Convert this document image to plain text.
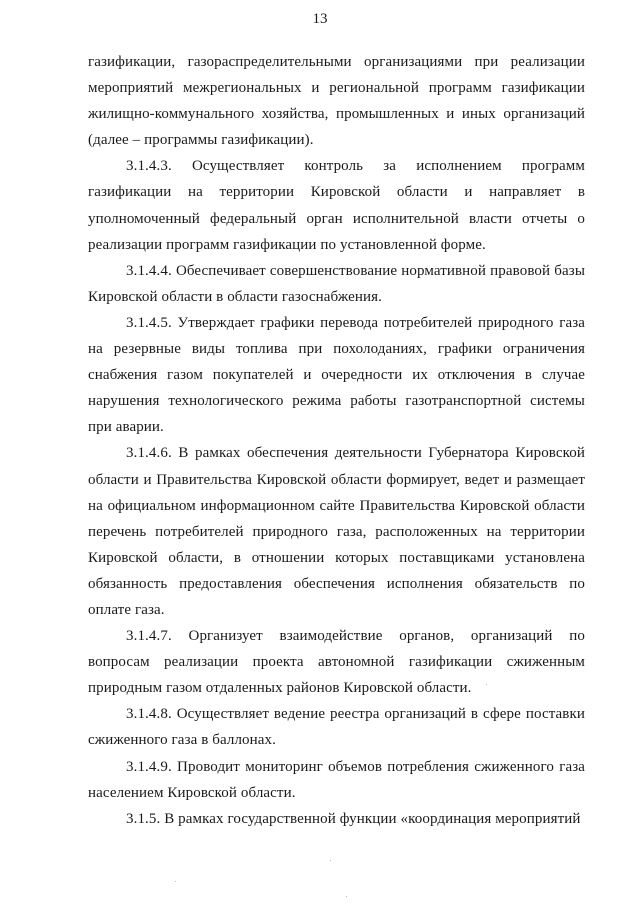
13

газификации, газораспределительными организациями при реализации мероприятий межрегиональных и региональной программ газификации жилищно-коммунального хозяйства, промышленных и иных организаций (далее – программы газификации).

3.1.4.3. Осуществляет контроль за исполнением программ газификации на территории Кировской области и направляет в уполномоченный федеральный орган исполнительной власти отчеты о реализации программ газификации по установленной форме.

3.1.4.4. Обеспечивает совершенствование нормативной правовой базы Кировской области в области газоснабжения.

3.1.4.5. Утверждает графики перевода потребителей природного газа на резервные виды топлива при похолоданиях, графики ограничения снабжения газом покупателей и очередности их отключения в случае нарушения технологического режима работы газотранспортной системы при аварии.

3.1.4.6. В рамках обеспечения деятельности Губернатора Кировской области и Правительства Кировской области формирует, ведет и размещает на официальном информационном сайте Правительства Кировской области перечень потребителей природного газа, расположенных на территории Кировской области, в отношении которых поставщиками установлена обязанность предоставления обеспечения исполнения обязательств по оплате газа.

3.1.4.7. Организует взаимодействие органов, организаций по вопросам реализации проекта автономной газификации сжиженным природным газом отдаленных районов Кировской области.

3.1.4.8. Осуществляет ведение реестра организаций в сфере поставки сжиженного газа в баллонах.

3.1.4.9. Проводит мониторинг объемов потребления сжиженного газа населением Кировской области.

3.1.5. В рамках государственной функции «координация мероприятий
